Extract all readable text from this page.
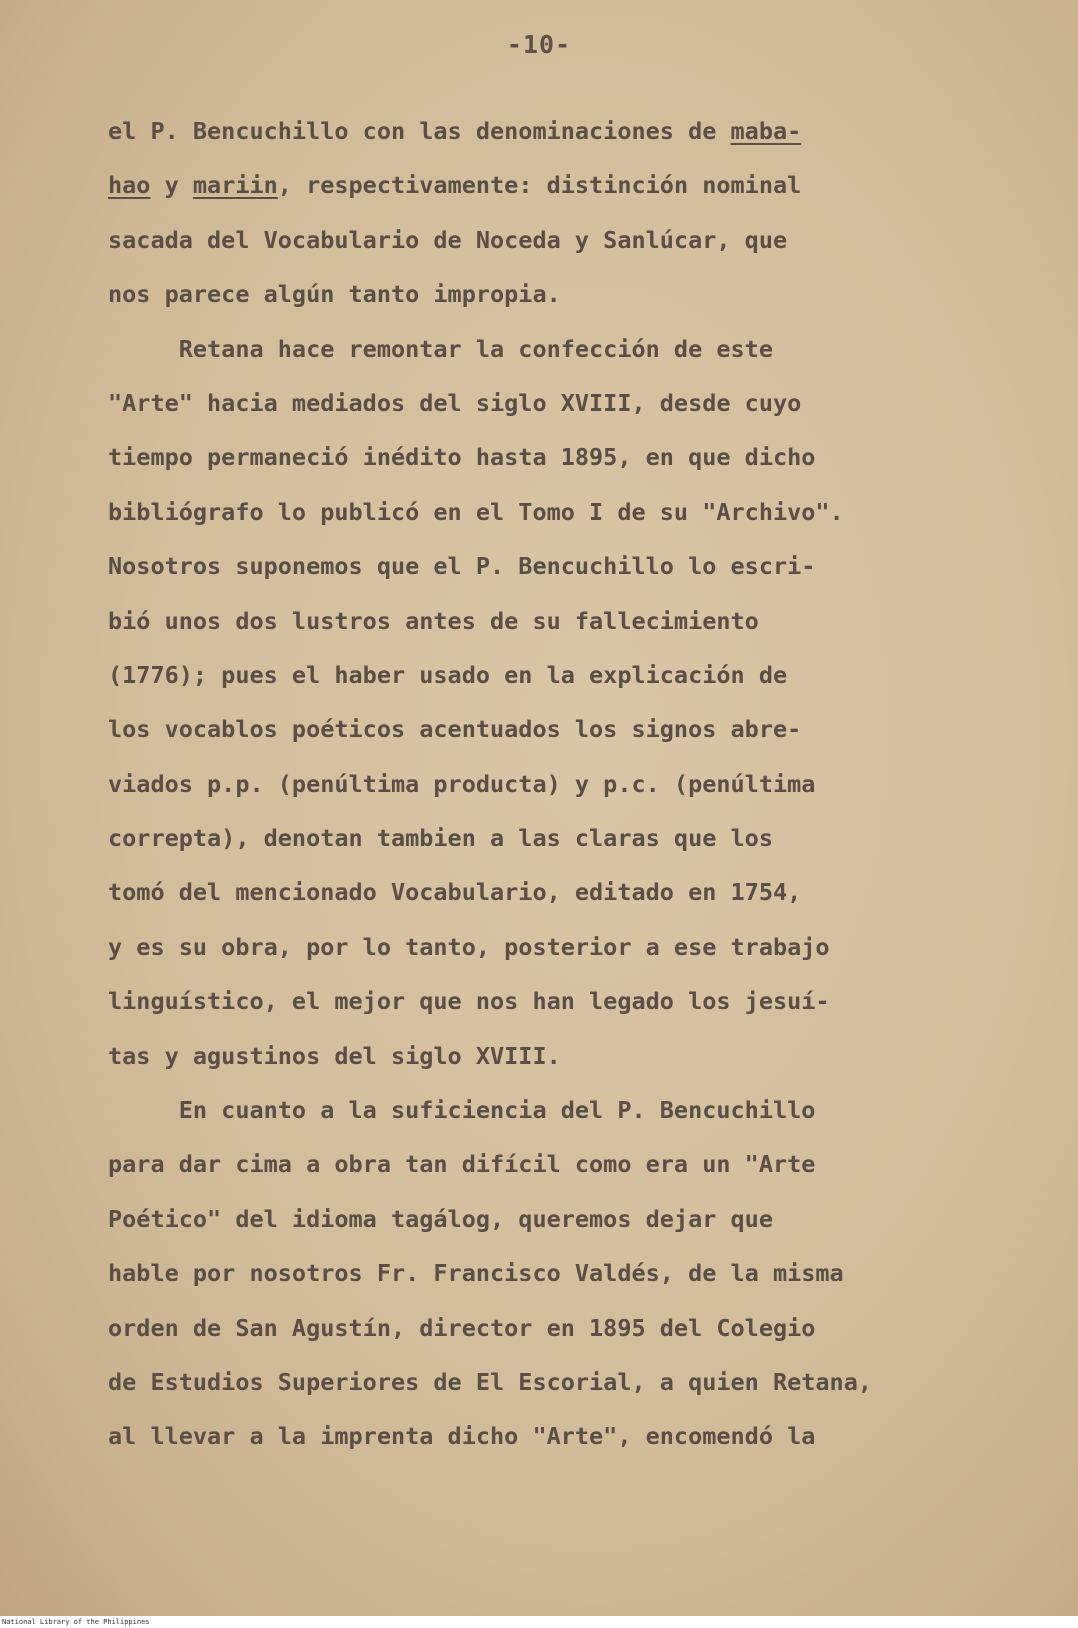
-10-
el P. Bencuchillo con las denominaciones de maba-
hao y mariin, respectivamente: distinción nominal
sacada del Vocabulario de Noceda y Sanlúcar, que
nos parece algún tanto impropia.
Retana hace remontar la confección de este
"Arte" hacia mediados del siglo XVIII, desde cuyo
tiempo permaneció inédito hasta 1895, en que dicho
bibliógrafo lo publicó en el Tomo I de su "Archivo".
Nosotros suponemos que el P. Bencuchillo lo escri-
bió unos dos lustros antes de su fallecimiento
(1776); pues el haber usado en la explicación de
los vocablos poéticos acentuados los signos abre-
viados p.p. (penúltima producta) y p.c. (penúltima
correpta), denotan tambien a las claras que los
tomó del mencionado Vocabulario, editado en 1754,
y es su obra, por lo tanto, posterior a ese trabajo
linguístico, el mejor que nos han legado los jesuí-
tas y agustinos del siglo XVIII.
En cuanto a la suficiencia del P. Bencuchillo
para dar cima a obra tan difícil como era un "Arte
Poético" del idioma tagálog, queremos dejar que
hable por nosotros Fr. Francisco Valdés, de la misma
orden de San Agustín, director en 1895 del Colegio
de Estudios Superiores de El Escorial, a quien Retana,
al llevar a la imprenta dicho "Arte", encomendó la
National Library of the Philippines
